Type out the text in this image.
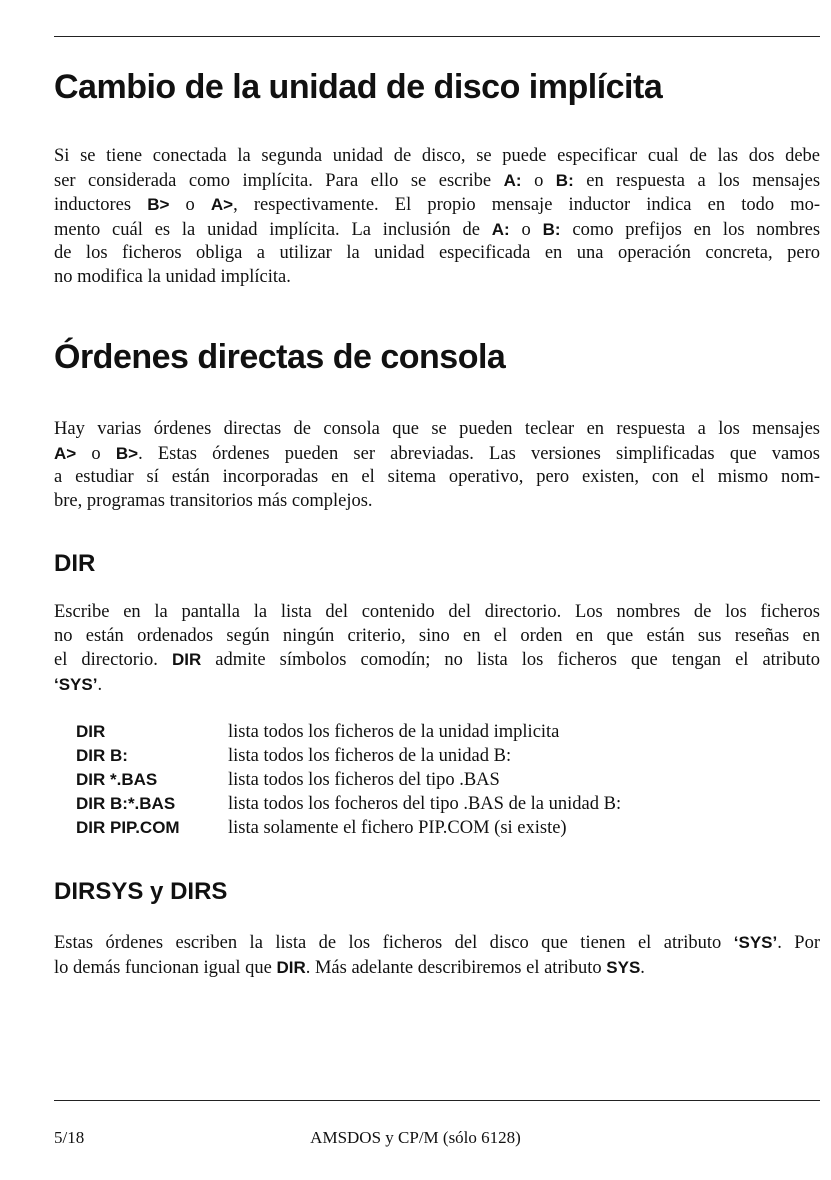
Cambio de la unidad de disco implícita
Si se tiene conectada la segunda unidad de disco, se puede especificar cual de las dos debe
ser considerada como implícita. Para ello se escribe A: o B: en respuesta a los mensajes
inductores B> o A>, respectivamente. El propio mensaje inductor indica en todo mo-
mento cuál es la unidad implícita. La inclusión de A: o B: como prefijos en los nombres
de los ficheros obliga a utilizar la unidad especificada en una operación concreta, pero
no modifica la unidad implícita.
Órdenes directas de consola
Hay varias órdenes directas de consola que se pueden teclear en respuesta a los mensajes
A> o B>. Estas órdenes pueden ser abreviadas. Las versiones simplificadas que vamos
a estudiar sí están incorporadas en el sitema operativo, pero existen, con el mismo nom-
bre, programas transitorios más complejos.
DIR
Escribe en la pantalla la lista del contenido del directorio. Los nombres de los ficheros
no están ordenados según ningún criterio, sino en el orden en que están sus reseñas en
el directorio. DIR admite símbolos comodín; no lista los ficheros que tengan el atributo
‘SYS’.
DIR	lista todos los ficheros de la unidad implicita
DIR B:	lista todos los ficheros de la unidad B:
DIR *.BAS	lista todos los ficheros del tipo .BAS
DIR B:*.BAS	lista todos los focheros del tipo .BAS de la unidad B:
DIR PIP.COM	lista solamente el fichero PIP.COM (si existe)
DIRSYS y DIRS
Estas órdenes escriben la lista de los ficheros del disco que tienen el atributo ‘SYS’. Por
lo demás funcionan igual que DIR. Más adelante describiremos el atributo SYS.
AMSDOS y CP/M (sólo 6128)
5/18
